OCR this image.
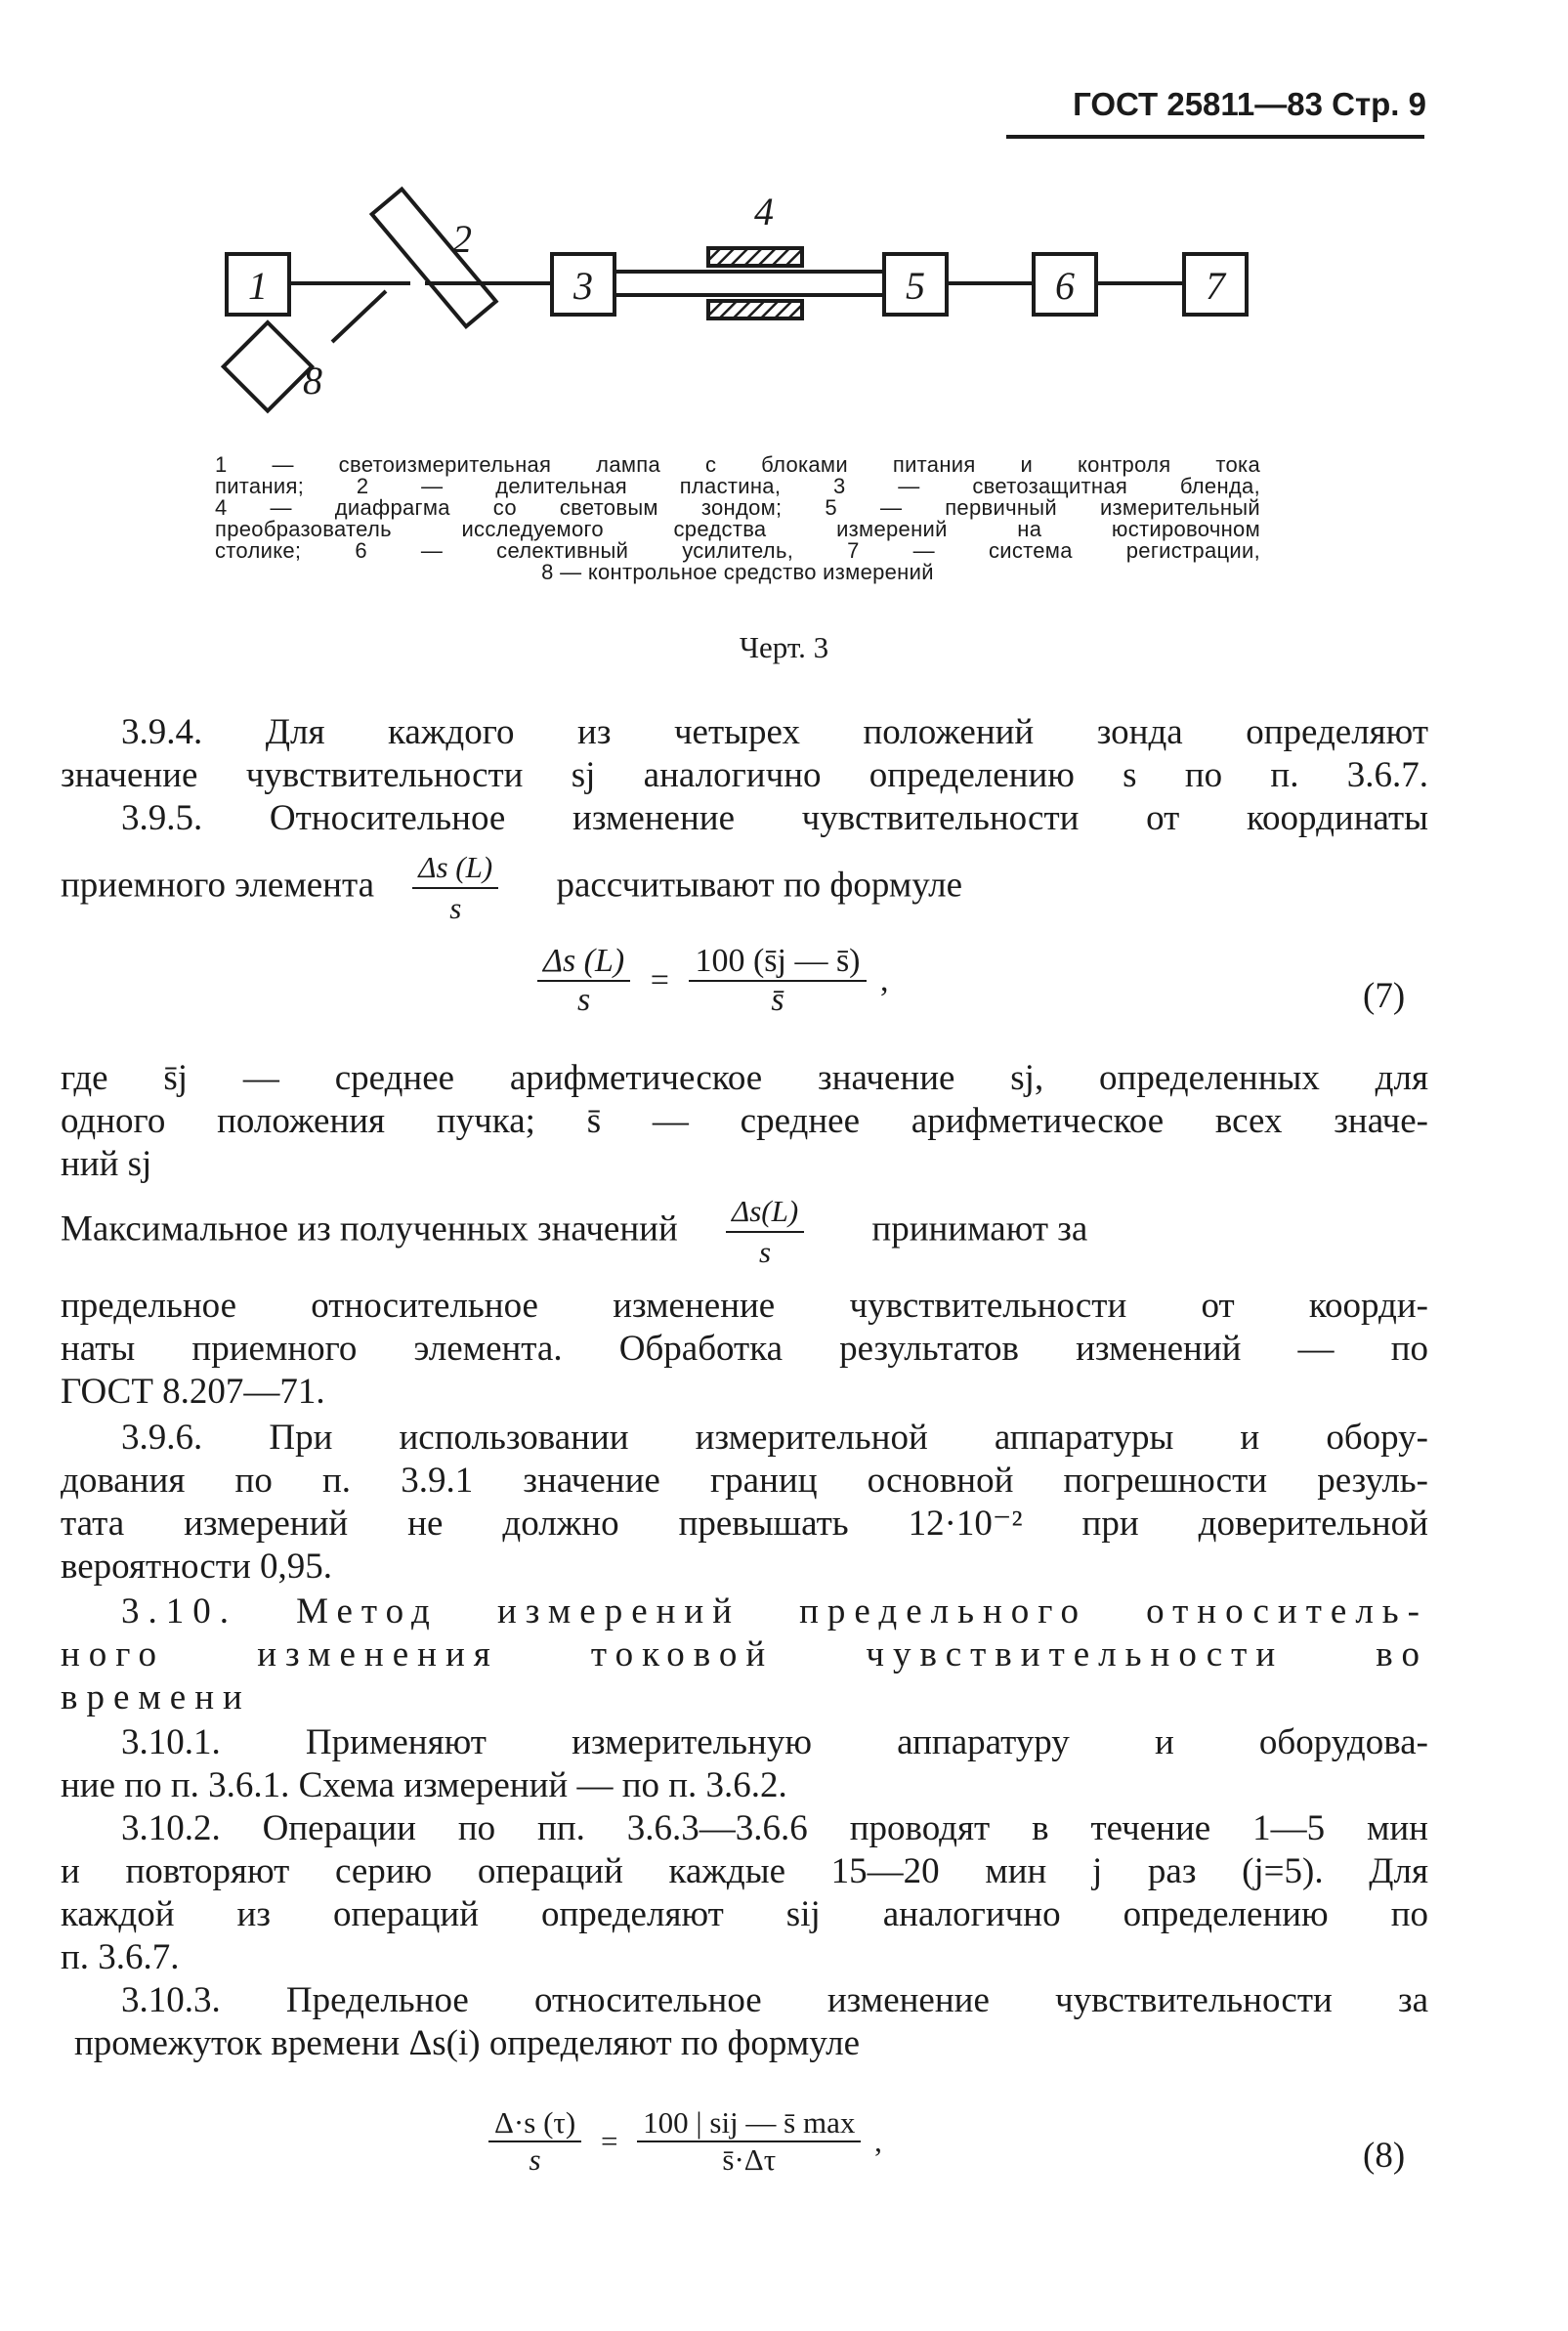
ГОСТ 25811—83 Стр. 9
1
2
3
4
5	6	7
8
1 — светоизмерительная лампа с блоками питания и контроля тока
питания; 2 — делительная пластина, 3 — светозащитная бленда,
4 — диафрагма со световым зондом; 5 — первичный измерительный
преобразователь исследуемого средства измерений на юстировочном
столике; 6 — селективный усилитель, 7 — система регистрации,
8 — контрольное средство измерений
Черт. 3
3.9.4. Для каждого из четырех положений зонда определяют
значение чувствительности sj аналогично определению s по п. 3.6.7.
3.9.5. Относительное изменение чувствительности от координаты
приемного элемента $\frac{\Delta s (L)}{s}$ рассчитывают по формуле
$\frac{\Delta s (L)}{s} = \frac{100 (s̄j — s̄)}{s̄}$ ,	(7)
где s̄j — среднее арифметическое значение sj, определенных для
одного положения пучка; s̄ — среднее арифметическое всех значе-
ний sj
Максимальное из полученных значений $\frac{\Delta s(L)}{s}$ принимают за
предельное относительное изменение чувствительности от коорди-
наты приемного элемента. Обработка результатов изменений — по
ГОСТ 8.207—71.
3.9.6. При использовании измерительной аппаратуры и обору-
дования по п. 3.9.1 значение границ основной погрешности резуль-
тата измерений не должно превышать 12·10⁻² при доверительной
вероятности 0,95.
3.10. Метод измерений предельного относитель-
ного изменения токовой чувствительности во
времени
3.10.1. Применяют измерительную аппаратуру и оборудова-
ние по п. 3.6.1. Схема измерений — по п. 3.6.2.
3.10.2. Операции по пп. 3.6.3—3.6.6 проводят в течение 1—5 мин
и повторяют серию операций каждые 15—20 мин j раз (j=5). Для
каждой из операций определяют sij аналогично определению по
п. 3.6.7.
3.10.3. Предельное относительное изменение чувствительности за
промежуток времени Δs(i) определяют по формуле
$\frac{\Delta\cdot s (\tau)}{s} = \frac{\text{100 | sij — s̄ max}}{s̄\cdot\Delta\tau}$ ,	(8)
